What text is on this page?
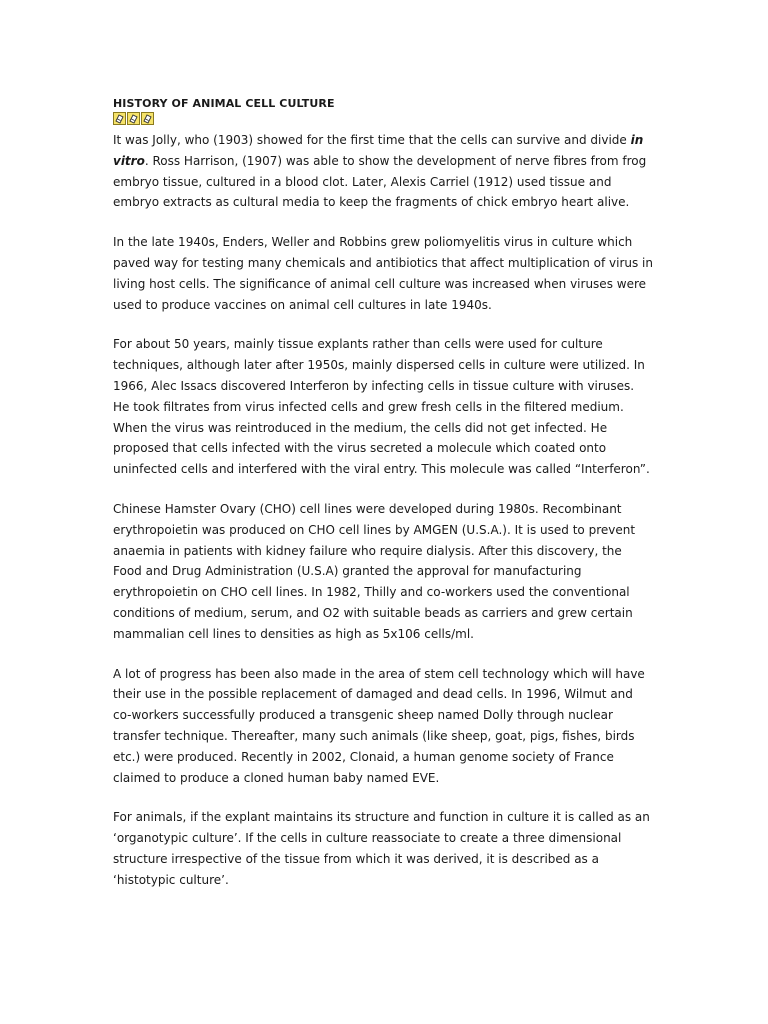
HISTORY OF ANIMAL CELL CULTURE

It was Jolly, who (1903) showed for the first time that the cells can survive and divide in vitro. Ross Harrison, (1907) was able to show the development of nerve fibres from frog embryo tissue, cultured in a blood clot. Later, Alexis Carriel (1912) used tissue and embryo extracts as cultural media to keep the fragments of chick embryo heart alive.

In the late 1940s, Enders, Weller and Robbins grew poliomyelitis virus in culture which paved way for testing many chemicals and antibiotics that affect multiplication of virus in living host cells. The significance of animal cell culture was increased when viruses were used to produce vaccines on animal cell cultures in late 1940s.

For about 50 years, mainly tissue explants rather than cells were used for culture techniques, although later after 1950s, mainly dispersed cells in culture were utilized. In 1966, Alec Issacs discovered Interferon by infecting cells in tissue culture with viruses. He took filtrates from virus infected cells and grew fresh cells in the filtered medium. When the virus was reintroduced in the medium, the cells did not get infected. He proposed that cells infected with the virus secreted a molecule which coated onto uninfected cells and interfered with the viral entry. This molecule was called “Interferon”.

Chinese Hamster Ovary (CHO) cell lines were developed during 1980s. Recombinant erythropoietin was produced on CHO cell lines by AMGEN (U.S.A.). It is used to prevent anaemia in patients with kidney failure who require dialysis. After this discovery, the Food and Drug Administration (U.S.A) granted the approval for manufacturing erythropoietin on CHO cell lines. In 1982, Thilly and co-workers used the conventional conditions of medium, serum, and O2 with suitable beads as carriers and grew certain mammalian cell lines to densities as high as 5x106 cells/ml.

A lot of progress has been also made in the area of stem cell technology which will have their use in the possible replacement of damaged and dead cells. In 1996, Wilmut and co-workers successfully produced a transgenic sheep named Dolly through nuclear transfer technique. Thereafter, many such animals (like sheep, goat, pigs, fishes, birds etc.) were produced. Recently in 2002, Clonaid, a human genome society of France claimed to produce a cloned human baby named EVE.

For animals, if the explant maintains its structure and function in culture it is called as an ‘organotypic culture’. If the cells in culture reassociate to create a three dimensional structure irrespective of the tissue from which it was derived, it is described as a ‘histotypic culture’.
